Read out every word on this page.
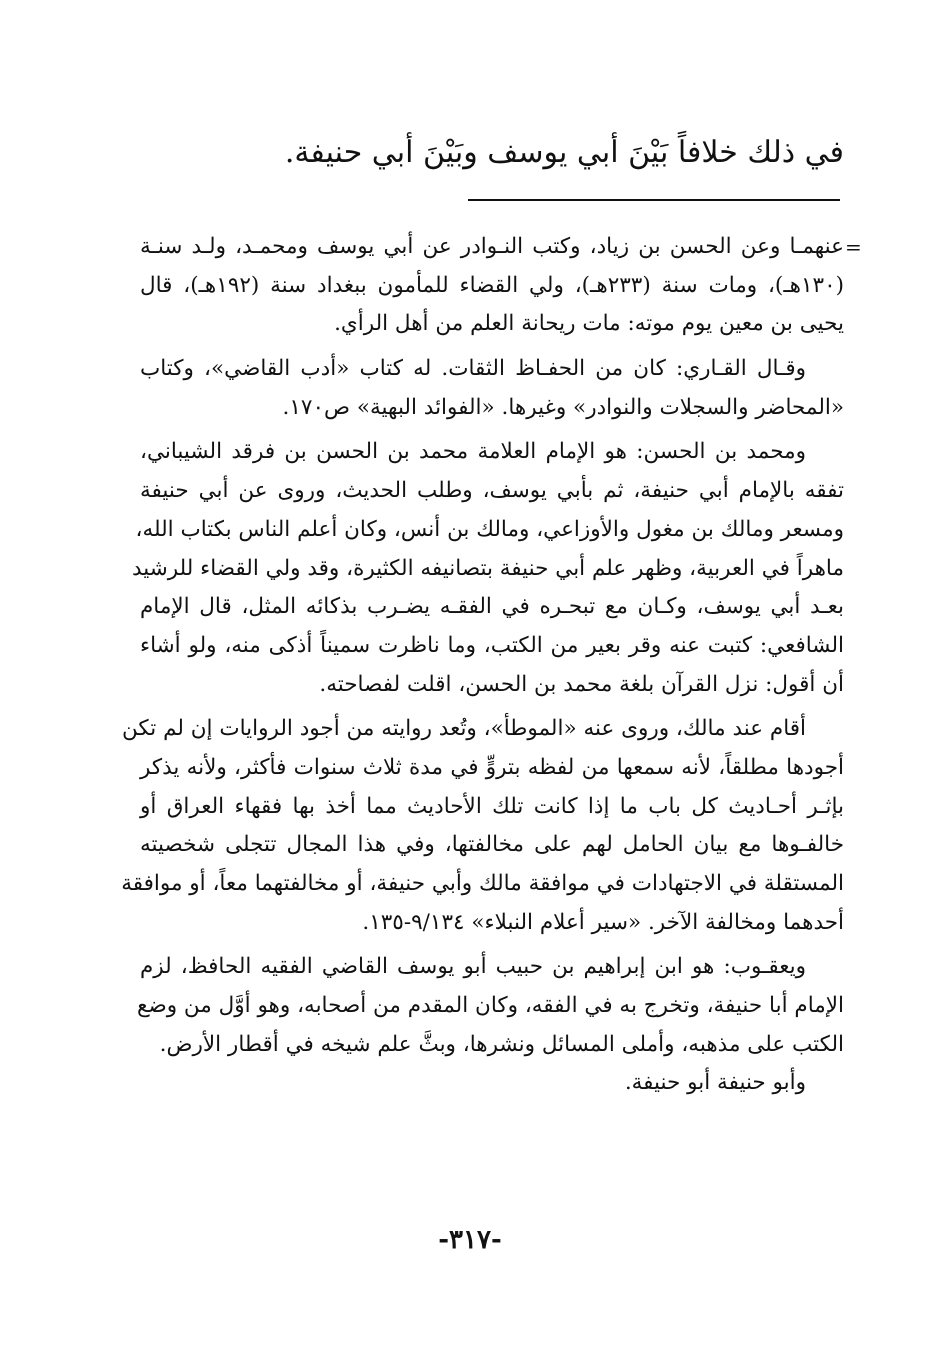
في ذلك خلافاً بَيْنَ أبي يوسف وبَيْنَ أبي حنيفة.
=
عنهمـا وعن الحسن بن زياد، وكتب النـوادر عن أبي يوسف ومحمـد، ولـد سنـة
(١٣٠هـ)، ومات سنة (٢٣٣هـ)، ولي القضاء للمأمون ببغداد سنة (١٩٢هـ)، قال
يحيى بن معين يوم موته: مات ريحانة العلم من أهل الرأي.
وقـال القـاري: كان من الحفـاظ الثقات. له كتاب «أدب القاضي»، وكتاب
«المحاضر والسجلات والنوادر» وغيرها. «الفوائد البهية» ص١٧٠.
ومحمد بن الحسن: هو الإمام العلامة محمد بن الحسن بن فرقد الشيباني،
تفقه بالإمام أبي حنيفة، ثم بأبي يوسف، وطلب الحديث، وروى عن أبي حنيفة
ومسعر ومالك بن مغول والأوزاعي، ومالك بن أنس، وكان أعلم الناس بكتاب الله،
ماهراً في العربية، وظهر علم أبي حنيفة بتصانيفه الكثيرة، وقد ولي القضاء للرشيد
بعـد أبي يوسف، وكـان مع تبحـره في الفقـه يضـرب بذكائه المثل، قال الإمام
الشافعي: كتبت عنه وقر بعير من الكتب، وما ناظرت سميناً أذكى منه، ولو أشاء
أن أقول: نزل القرآن بلغة محمد بن الحسن، اقلت لفصاحته.
أقام عند مالك، وروى عنه «الموطأ»، وتُعد روايته من أجود الروايات إن لم تكن
أجودها مطلقاً، لأنه سمعها من لفظه بتروٍّ في مدة ثلاث سنوات فأكثر، ولأنه يذكر
بإثـر أحـاديث كل باب ما إذا كانت تلك الأحاديث مما أخذ بها فقهاء العراق أو
خالفـوها مع بيان الحامل لهم على مخالفتها، وفي هذا المجال تتجلى شخصيته
المستقلة في الاجتهادات في موافقة مالك وأبي حنيفة، أو مخالفتهما معاً، أو موافقة
أحدهما ومخالفة الآخر. «سير أعلام النبلاء» ٩/١٣٤-١٣٥.
ويعقـوب: هو ابن إبراهيم بن حبيب أبو يوسف القاضي الفقيه الحافظ، لزم
الإمام أبا حنيفة، وتخرج به في الفقه، وكان المقدم من أصحابه، وهو أوَّل من وضع
الكتب على مذهبه، وأملى المسائل ونشرها، وبثَّ علم شيخه في أقطار الأرض.
وأبو حنيفة أبو حنيفة.
-٣١٧-
